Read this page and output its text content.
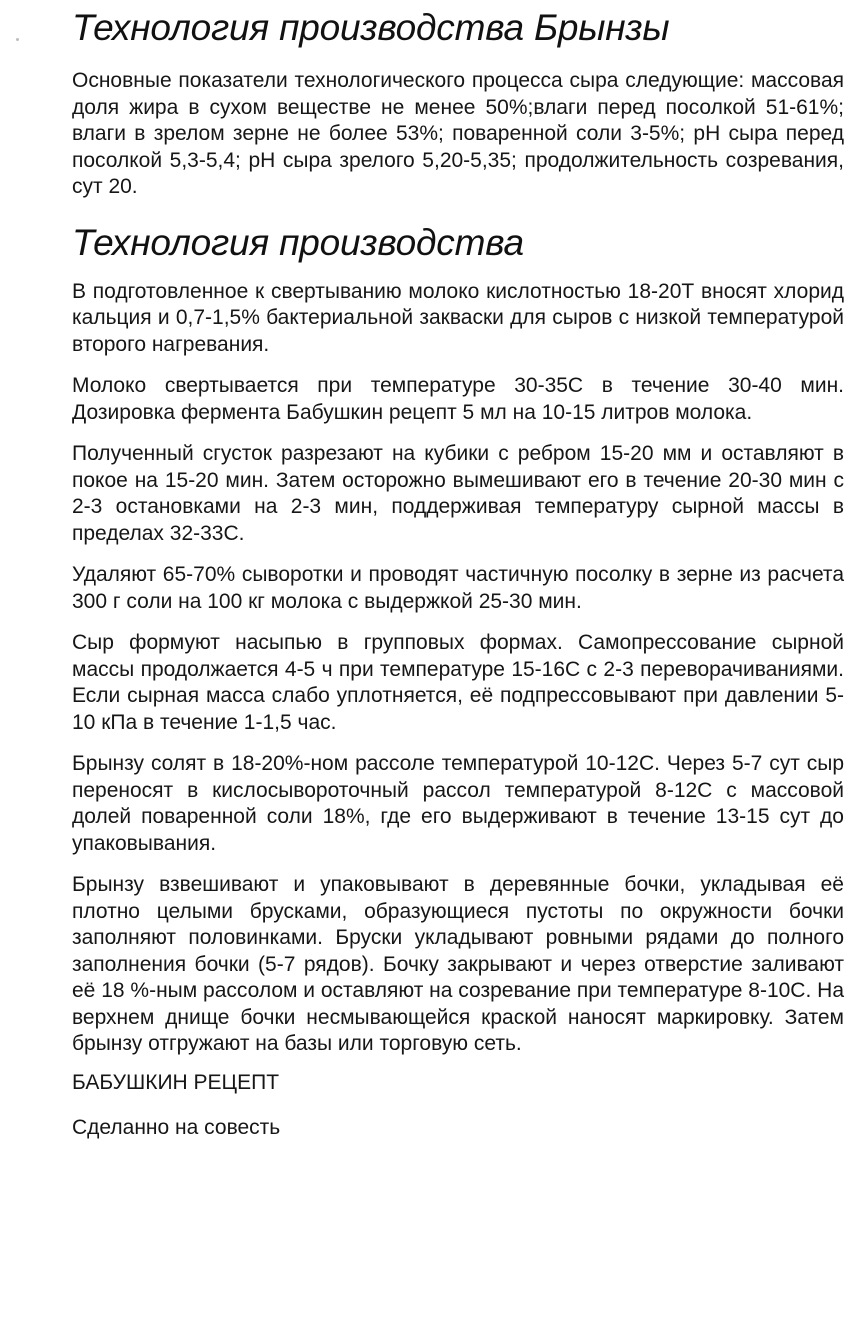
Технология производства Брынзы

Основные показатели технологического процесса сыра следующие: массовая доля жира в сухом веществе не менее 50%;влаги перед посолкой 51-61%; влаги в зрелом зерне не более 53%; поваренной соли 3-5%; pH сыра перед посолкой 5,3-5,4; pH сыра зрелого 5,20-5,35; продолжительность созревания, сут 20.

Технология производства

В подготовленное к свертыванию молоко кислотностью 18-20Т вносят хлорид кальция и 0,7-1,5% бактериальной закваски для сыров с низкой температурой второго нагревания.

Молоко свертывается при температуре 30-35С в течение 30-40 мин. Дозировка фермента Бабушкин рецепт 5 мл на 10-15 литров молока.

Полученный сгусток разрезают на кубики с ребром 15-20 мм и оставляют в покое на 15-20 мин. Затем осторожно вымешивают его в течение 20-30 мин с 2-3 остановками на 2-3 мин, поддерживая температуру сырной массы в пределах 32-33С.

Удаляют 65-70% сыворотки и проводят частичную посолку в зерне из расчета 300 г соли на 100 кг молока с выдержкой 25-30 мин.

Сыр формуют насыпью в групповых формах. Самопрессование сырной массы продолжается 4-5 ч при температуре 15-16С с 2-3 переворачиваниями. Если сырная масса слабо уплотняется, её подпрессовывают при давлении 5-10 кПа в течение 1-1,5 час.

Брынзу солят в 18-20%-ном рассоле температурой 10-12С. Через 5-7 сут сыр переносят в кислосывороточный рассол температурой 8-12С с массовой долей поваренной соли 18%, где его выдерживают в течение 13-15 сут до упаковывания.

Брынзу взвешивают и упаковывают в деревянные бочки, укладывая её плотно целыми брусками, образующиеся пустоты по окружности бочки заполняют половинками. Бруски укладывают ровными рядами до полного заполнения бочки (5-7 рядов). Бочку закрывают и через отверстие заливают её 18 %-ным рассолом и оставляют на созревание при температуре 8-10С. На верхнем днище бочки несмывающейся краской наносят маркировку. Затем брынзу отгружают на базы или торговую сеть.

БАБУШКИН РЕЦЕПТ
Сделанно на совесть
